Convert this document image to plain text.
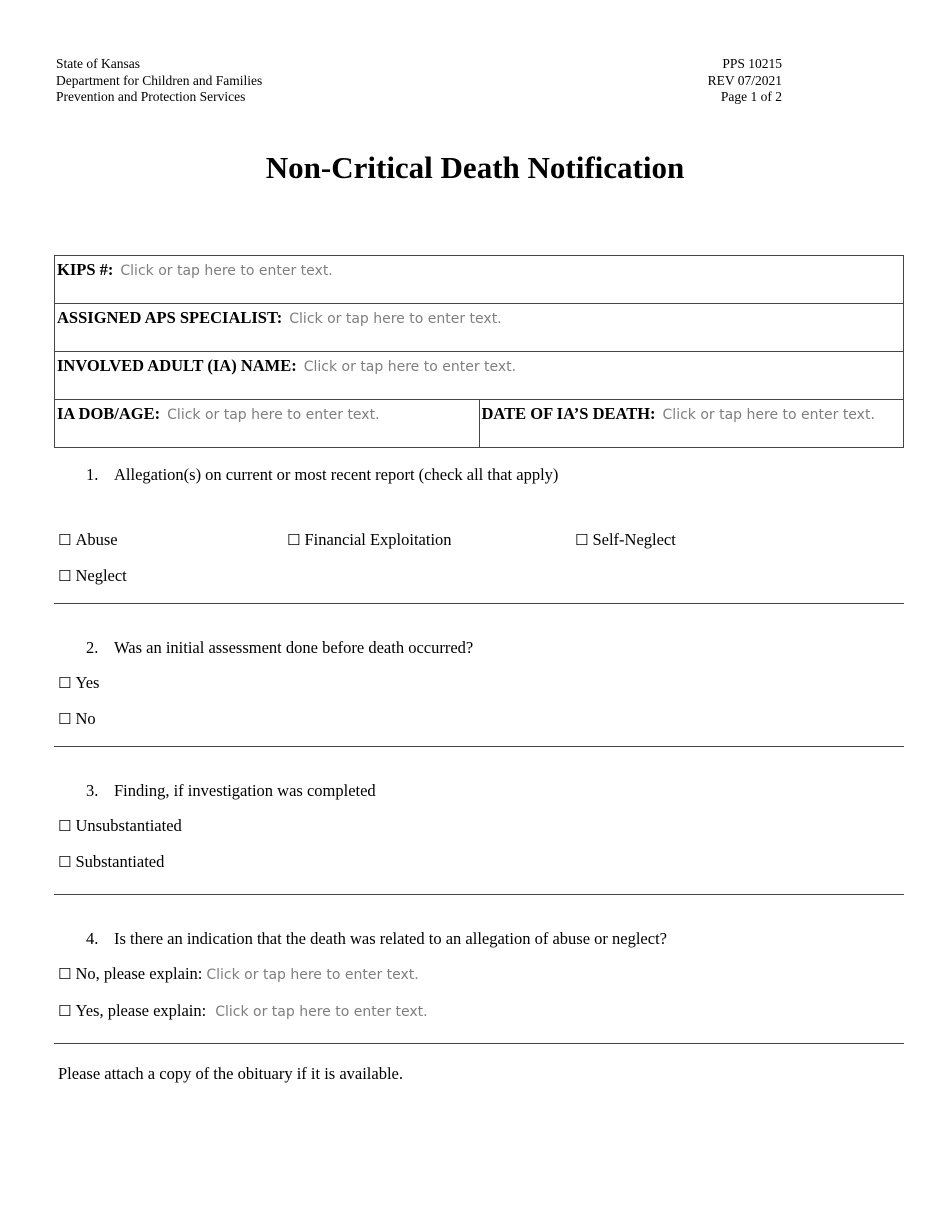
State of Kansas
Department for Children and Families
Prevention and Protection Services
PPS 10215
REV 07/2021
Page 1 of 2
Non-Critical Death Notification
KIPS #: Click or tap here to enter text.
ASSIGNED APS SPECIALIST: Click or tap here to enter text.
INVOLVED ADULT (IA) NAME: Click or tap here to enter text.
IA DOB/AGE: Click or tap here to enter text.	DATE OF IA’S DEATH: Click or tap here to enter text.
1. Allegation(s) on current or most recent report (check all that apply)
☐ Abuse	☐ Financial Exploitation	☐ Self-Neglect
☐ Neglect
2. Was an initial assessment done before death occurred?
☐ Yes
☐ No
3. Finding, if investigation was completed
☐ Unsubstantiated
☐ Substantiated
4. Is there an indication that the death was related to an allegation of abuse or neglect?
☐ No, please explain: Click or tap here to enter text.
☐ Yes, please explain: Click or tap here to enter text.
Please attach a copy of the obituary if it is available.
